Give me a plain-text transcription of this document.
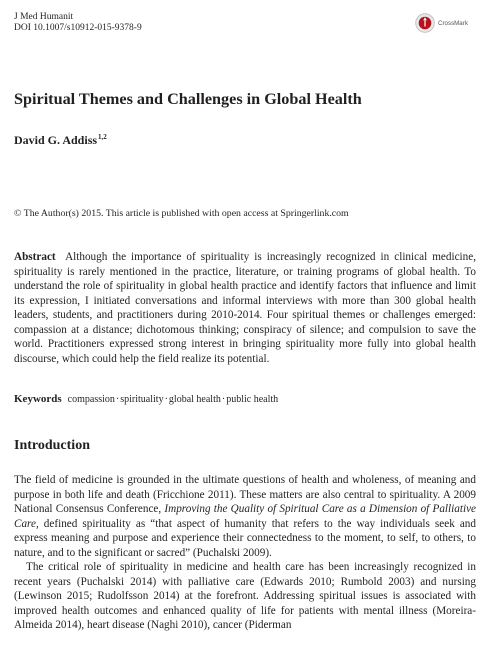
J Med Humanit
DOI 10.1007/s10912-015-9378-9	CrossMark
Spiritual Themes and Challenges in Global Health
David G. Addiss$^{1,2}$
© The Author(s) 2015. This article is published with open access at Springerlink.com

Abstract Although the importance of spirituality is increasingly recognized in clinical medicine, spirituality is rarely mentioned in the practice, literature, or training programs of global health. To understand the role of spirituality in global health practice and identify factors that influence and limit its expression, I initiated conversations and informal interviews with more than 300 global health leaders, students, and practitioners during 2010-2014. Four spiritual themes or challenges emerged: compassion at a distance; dichotomous thinking; conspiracy of silence; and compulsion to save the world. Practitioners expressed strong interest in bringing spirituality more fully into global health discourse, which could help the field realize its potential.

Keywords compassion·spirituality·global health·public health

Introduction

The field of medicine is grounded in the ultimate questions of health and wholeness, of meaning and purpose in both life and death (Fricchione 2011). These matters are also central to spirituality. A 2009 National Consensus Conference, Improving the Quality of Spiritual Care as a Dimension of Palliative Care, defined spirituality as “that aspect of humanity that refers to the way individuals seek and express meaning and purpose and experience their connectedness to the moment, to self, to others, to nature, and to the significant or sacred” (Puchalski 2009).

The critical role of spirituality in medicine and health care has been increasingly recognized in recent years (Puchalski 2014) with palliative care (Edwards 2010; Rumbold 2003) and nursing (Lewinson 2015; Rudolfsson 2014) at the forefront. Addressing spiritual issues is associated with improved health outcomes and enhanced quality of life for patients with mental illness (Moreira-Almeida 2014), heart disease (Naghi 2010), cancer (Piderman
